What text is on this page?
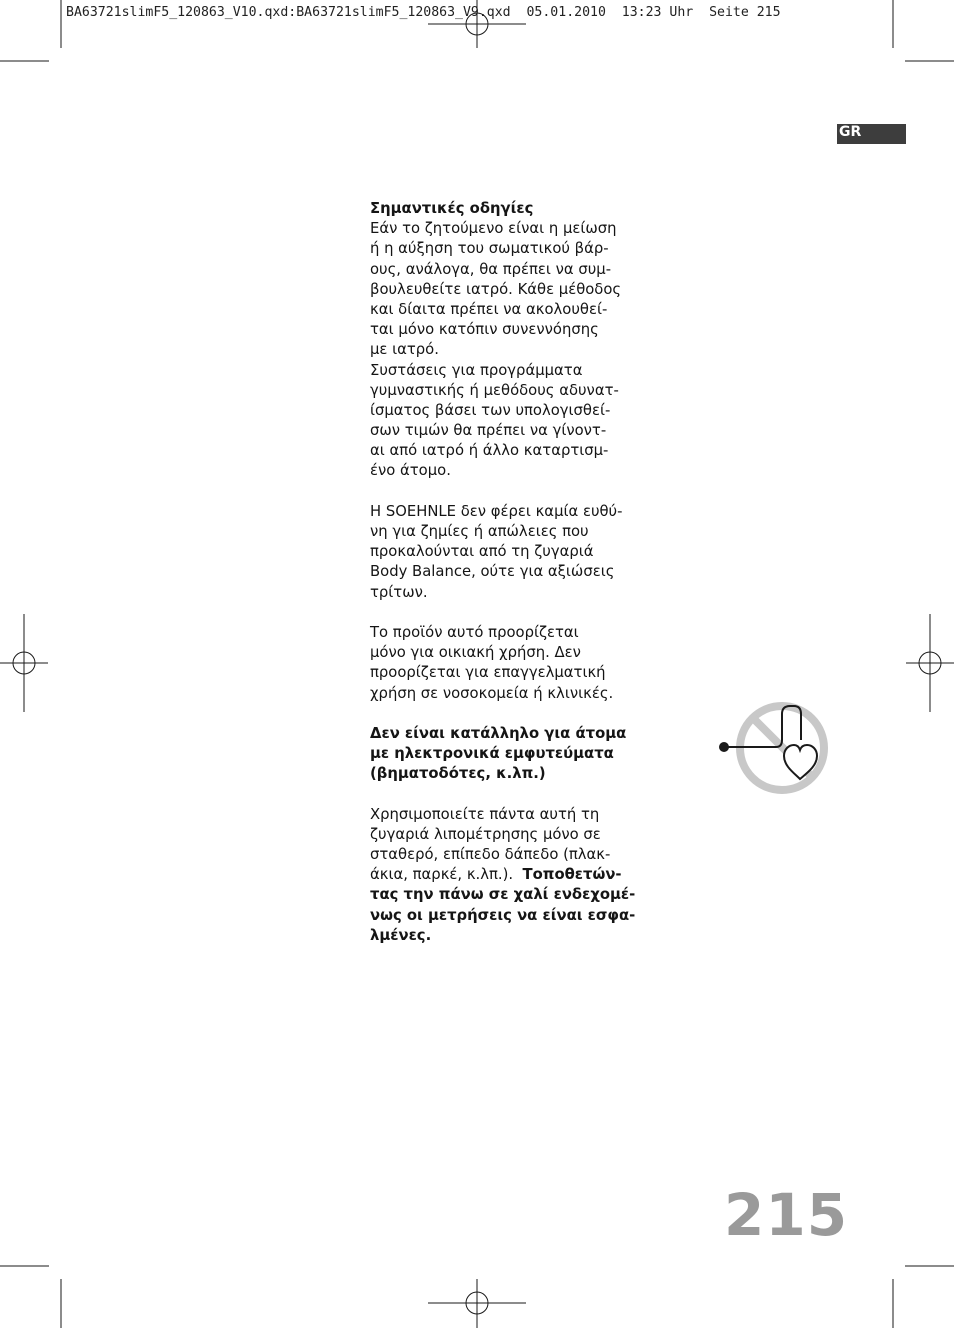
BA63721slimF5_120863_V10.qxd:BA63721slimF5_120863_V9.qxd  05.01.2010  13:23 Uhr  Seite 215
GR
Σημαντικές οδηγίες
Εάν το ζητούμενο είναι η μείωση
ή η αύξηση του σωματικού βάρ-
ους, ανάλογα, θα πρέπει να συμ-
βουλευθείτε ιατρό. Κάθε μέθοδος
και δίαιτα πρέπει να ακολουθεί-
ται μόνο κατόπιν συνεννόησης
με ιατρό.
Συστάσεις για προγράμματα
γυμναστικής ή μεθόδους αδυνατ-
ίσματος βάσει των υπολογισθεί-
σων τιμών θα πρέπει να γίνοντ-
αι από ιατρό ή άλλο καταρτισμ-
ένο άτομο.
Η SOEHNLE δεν φέρει καμία ευθύ-
νη για ζημίες ή απώλειες που
προκαλούνται από τη ζυγαριά
Body Balance, ούτε για αξιώσεις
τρίτων.
Το προϊόν αυτό προορίζεται
μόνο για οικιακή χρήση. Δεν
προορίζεται για επαγγελματική
χρήση σε νοσοκομεία ή κλινικές.
Δεν είναι κατάλληλο για άτομα
με ηλεκτρονικά εμφυτεύματα
(βηματοδότες, κ.λπ.)
Χρησιμοποιείτε πάντα αυτή τη
ζυγαριά λιπομέτρησης μόνο σε
σταθερό, επίπεδο δάπεδο (πλακ-
άκια, παρκέ, κ.λπ.).  Τοποθετών-
τας την πάνω σε χαλί ενδεχομέ-
νως οι μετρήσεις να είναι εσφα-
λμένες.
215
